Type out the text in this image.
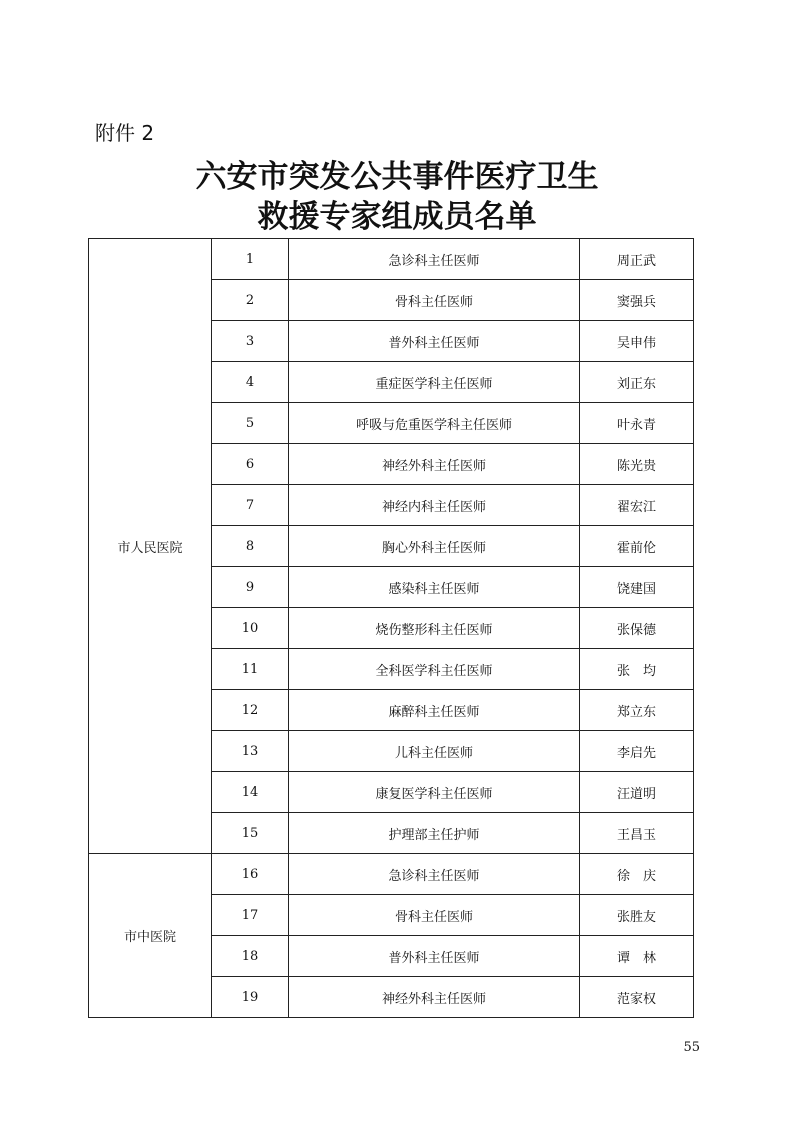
附件 2
六安市突发公共事件医疗卫生
救援专家组成员名单
市人民医院	1	急诊科主任医师	周正武
	2	骨科主任医师	窦强兵
	3	普外科主任医师	吴申伟
	4	重症医学科主任医师	刘正东
	5	呼吸与危重医学科主任医师	叶永青
	6	神经外科主任医师	陈光贵
	7	神经内科主任医师	翟宏江
	8	胸心外科主任医师	霍前伦
	9	感染科主任医师	饶建国
	10	烧伤整形科主任医师	张保德
	11	全科医学科主任医师	张　均
	12	麻醉科主任医师	郑立东
	13	儿科主任医师	李启先
	14	康复医学科主任医师	汪道明
	15	护理部主任护师	王昌玉
市中医院	16	急诊科主任医师	徐　庆
	17	骨科主任医师	张胜友
	18	普外科主任医师	谭　林
	19	神经外科主任医师	范家权
55
